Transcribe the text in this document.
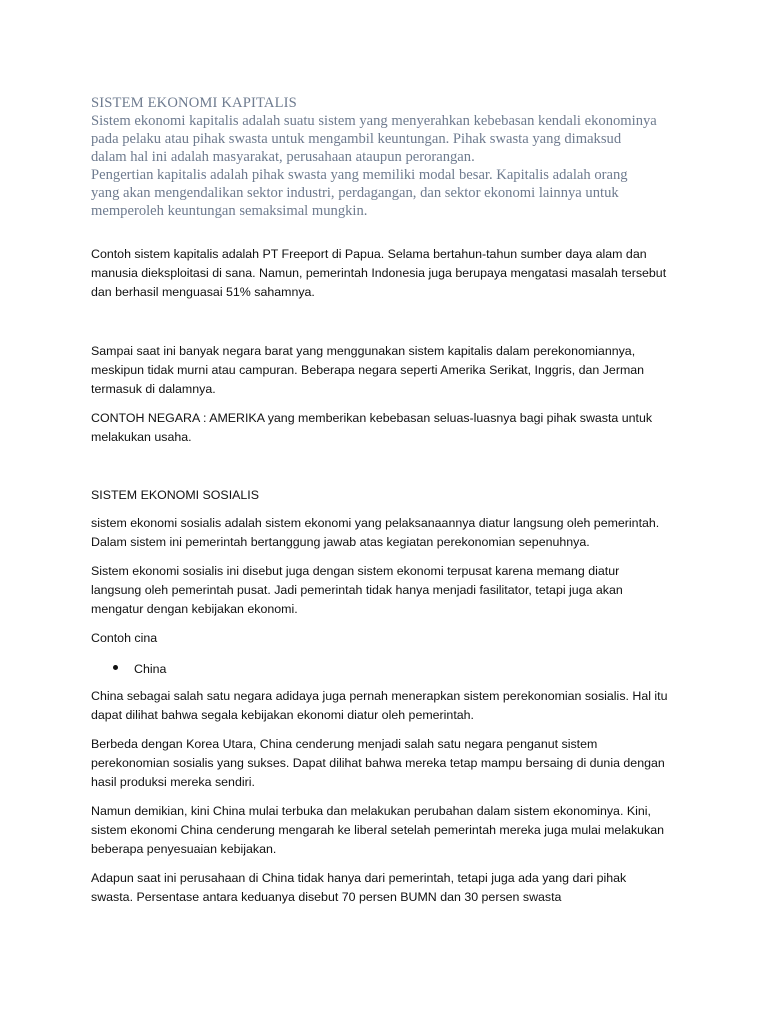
SISTEM EKONOMI KAPITALIS
Sistem ekonomi kapitalis adalah suatu sistem yang menyerahkan kebebasan kendali ekonominya
pada pelaku atau pihak swasta untuk mengambil keuntungan. Pihak swasta yang dimaksud
dalam hal ini adalah masyarakat, perusahaan ataupun perorangan.
Pengertian kapitalis adalah pihak swasta yang memiliki modal besar. Kapitalis adalah orang
yang akan mengendalikan sektor industri, perdagangan, dan sektor ekonomi lainnya untuk
memperoleh keuntungan semaksimal mungkin.
Contoh sistem kapitalis adalah PT Freeport di Papua. Selama bertahun-tahun sumber daya alam dan
manusia dieksploitasi di sana. Namun, pemerintah Indonesia juga berupaya mengatasi masalah tersebut
dan berhasil menguasai 51% sahamnya.
Sampai saat ini banyak negara barat yang menggunakan sistem kapitalis dalam perekonomiannya,
meskipun tidak murni atau campuran. Beberapa negara seperti Amerika Serikat, Inggris, dan Jerman
termasuk di dalamnya.
CONTOH NEGARA : AMERIKA yang memberikan kebebasan seluas-luasnya bagi pihak swasta untuk
melakukan usaha.
SISTEM EKONOMI SOSIALIS
sistem ekonomi sosialis adalah sistem ekonomi yang pelaksanaannya diatur langsung oleh pemerintah.
Dalam sistem ini pemerintah bertanggung jawab atas kegiatan perekonomian sepenuhnya.
Sistem ekonomi sosialis ini disebut juga dengan sistem ekonomi terpusat karena memang diatur
langsung oleh pemerintah pusat. Jadi pemerintah tidak hanya menjadi fasilitator, tetapi juga akan
mengatur dengan kebijakan ekonomi.
Contoh cina
China
China sebagai salah satu negara adidaya juga pernah menerapkan sistem perekonomian sosialis. Hal itu
dapat dilihat bahwa segala kebijakan ekonomi diatur oleh pemerintah.
Berbeda dengan Korea Utara, China cenderung menjadi salah satu negara penganut sistem
perekonomian sosialis yang sukses. Dapat dilihat bahwa mereka tetap mampu bersaing di dunia dengan
hasil produksi mereka sendiri.
Namun demikian, kini China mulai terbuka dan melakukan perubahan dalam sistem ekonominya. Kini,
sistem ekonomi China cenderung mengarah ke liberal setelah pemerintah mereka juga mulai melakukan
beberapa penyesuaian kebijakan.
Adapun saat ini perusahaan di China tidak hanya dari pemerintah, tetapi juga ada yang dari pihak
swasta. Persentase antara keduanya disebut 70 persen BUMN dan 30 persen swasta
